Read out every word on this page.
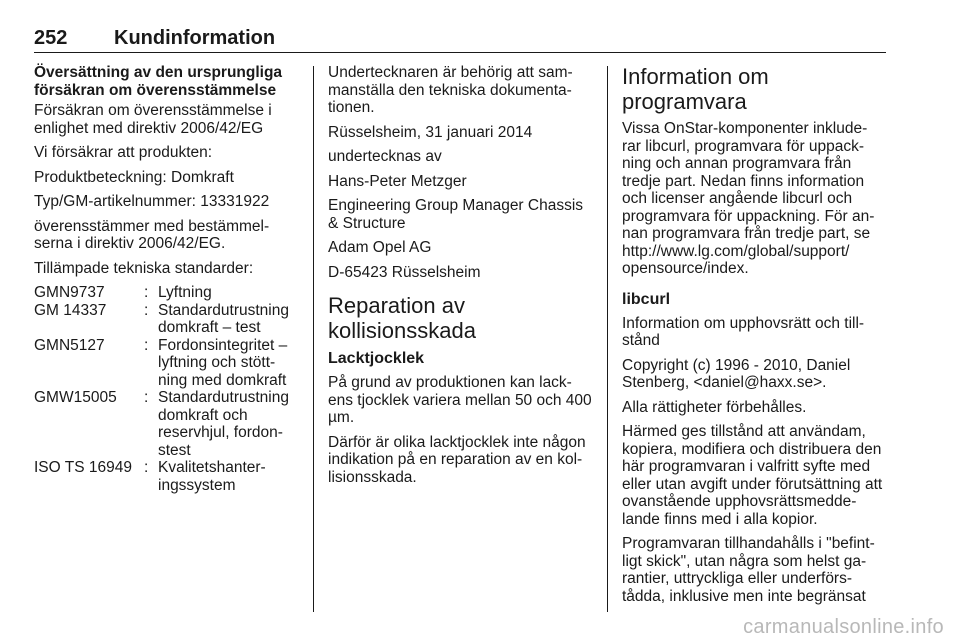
252 Kundinformation

Översättning av den ursprungliga försäkran om överensstämmelse

Försäkran om överensstämmelse i enlighet med direktiv 2006/42/EG

Vi försäkrar att produkten:

Produktbeteckning: Domkraft

Typ/GM-artikelnummer: 13331922

överensstämmer med bestämmel- serna i direktiv 2006/42/EG.

Tillämpade tekniska standarder:

GMN9737	:	Lyftning
GM 14337	:	Standardutrustning domkraft – test
GMN5127	:	Fordonsintegritet – lyftning och stött- ning med domkraft
GMW15005	:	Standardutrustning domkraft och reservhjul, fordon- stest
ISO TS 16949	:	Kvalitetshanter- ingssystem

Undertecknaren är behörig att sam- manställa den tekniska dokumenta- tionen.

Rüsselsheim, 31 januari 2014

undertecknas av

Hans-Peter Metzger

Engineering Group Manager Chassis & Structure

Adam Opel AG

D-65423 Rüsselsheim

Reparation av kollisionsskada
Lacktjocklek

På grund av produktionen kan lack- ens tjocklek variera mellan 50 och 400 µm.

Därför är olika lacktjocklek inte någon indikation på en reparation av en kol- lisionsskada.

Information om programvara

Vissa OnStar-komponenter inklude- rar libcurl, programvara för uppack- ning och annan programvara från tredje part. Nedan finns information och licenser angående libcurl och programvara för uppackning. För an- nan programvara från tredje part, se http://www.lg.com/global/support/ opensource/index.

libcurl

Information om upphovsrätt och till- stånd

Copyright (c) 1996 - 2010, Daniel Stenberg, <daniel@haxx.se>.

Alla rättigheter förbehålles.

Härmed ges tillstånd att användam, kopiera, modifiera och distribuera den här programvaran i valfritt syfte med eller utan avgift under förutsättning att ovanstående upphovsrättsmedde- lande finns med i alla kopior.

Programvaran tillhandahålls i "befint- ligt skick", utan några som helst ga- rantier, uttryckliga eller underförs- tådda, inklusive men inte begränsat

carmanualsonline.info
